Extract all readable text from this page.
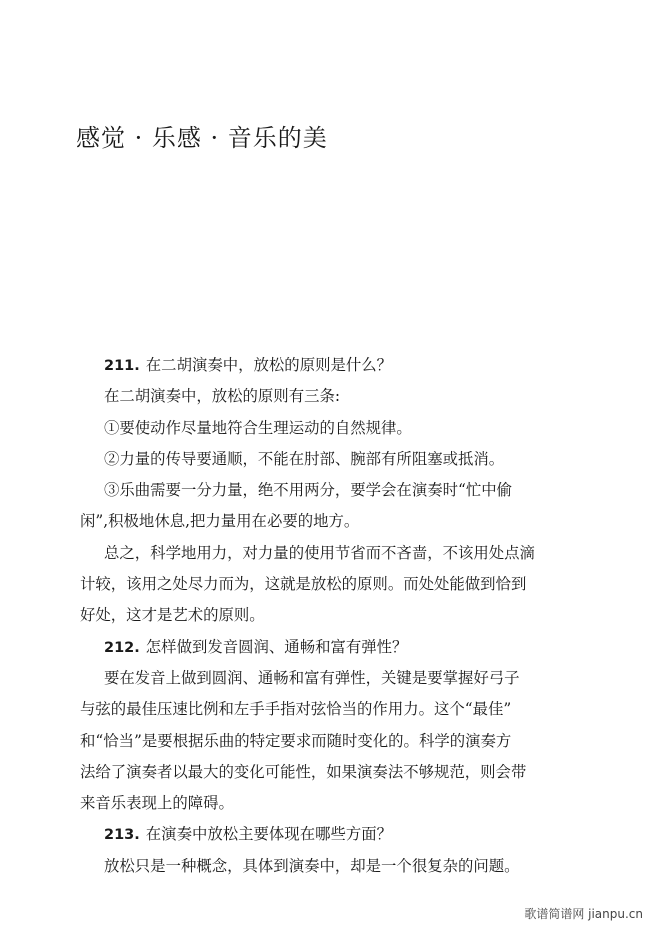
感觉 · 乐感 · 音乐的美
211. 在二胡演奏中，放松的原则是什么？
在二胡演奏中，放松的原则有三条:
①要使动作尽量地符合生理运动的自然规律。
②力量的传导要通顺，不能在肘部、腕部有所阻塞或抵消。
③乐曲需要一分力量，绝不用两分，要学会在演奏时“忙中偷
闲”,积极地休息,把力量用在必要的地方。
总之，科学地用力，对力量的使用节省而不吝啬，不该用处点滴
计较，该用之处尽力而为，这就是放松的原则。而处处能做到恰到
好处，这才是艺术的原则。
212. 怎样做到发音圆润、通畅和富有弹性？
要在发音上做到圆润、通畅和富有弹性，关键是要掌握好弓子
与弦的最佳压速比例和左手手指对弦恰当的作用力。这个“最佳”
和“恰当”是要根据乐曲的特定要求而随时变化的。科学的演奏方
法给了演奏者以最大的变化可能性，如果演奏法不够规范，则会带
来音乐表现上的障碍。
213. 在演奏中放松主要体现在哪些方面？
放松只是一种概念，具体到演奏中，却是一个很复杂的问题。
歌谱简谱网 jianpu.cn
